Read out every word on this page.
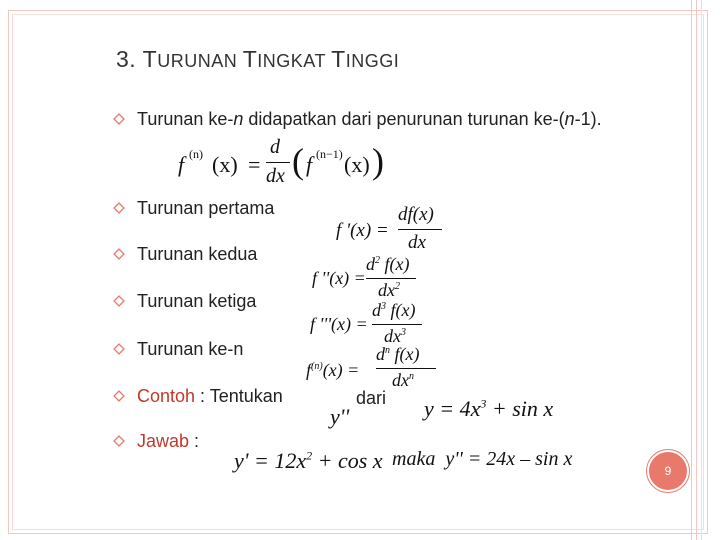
3. TURUNAN TINGKAT TINGGI
Turunan ke-n didapatkan dari penurunan turunan ke-(n-1).
Turunan pertama
Turunan kedua
Turunan ketiga
Turunan ke-n
Contoh : Tentukan	dari
Jawab :
f (n) (x) =
d
dx ( f (n−1) (x) )
f '(x) =
df(x)
dx
f ''(x) =
$d^2$ f(x)
$dx^2$
f '''(x) =
$d^3$ f(x)
$dx^3$
$f^{(n)}(x)$ =
$d^n$ f(x)
$dx^n$
y''	$y = 4x^3 + \sin x$
$y' = 12x^2 + \cos x$ maka y'' = 24x – sin x
9
